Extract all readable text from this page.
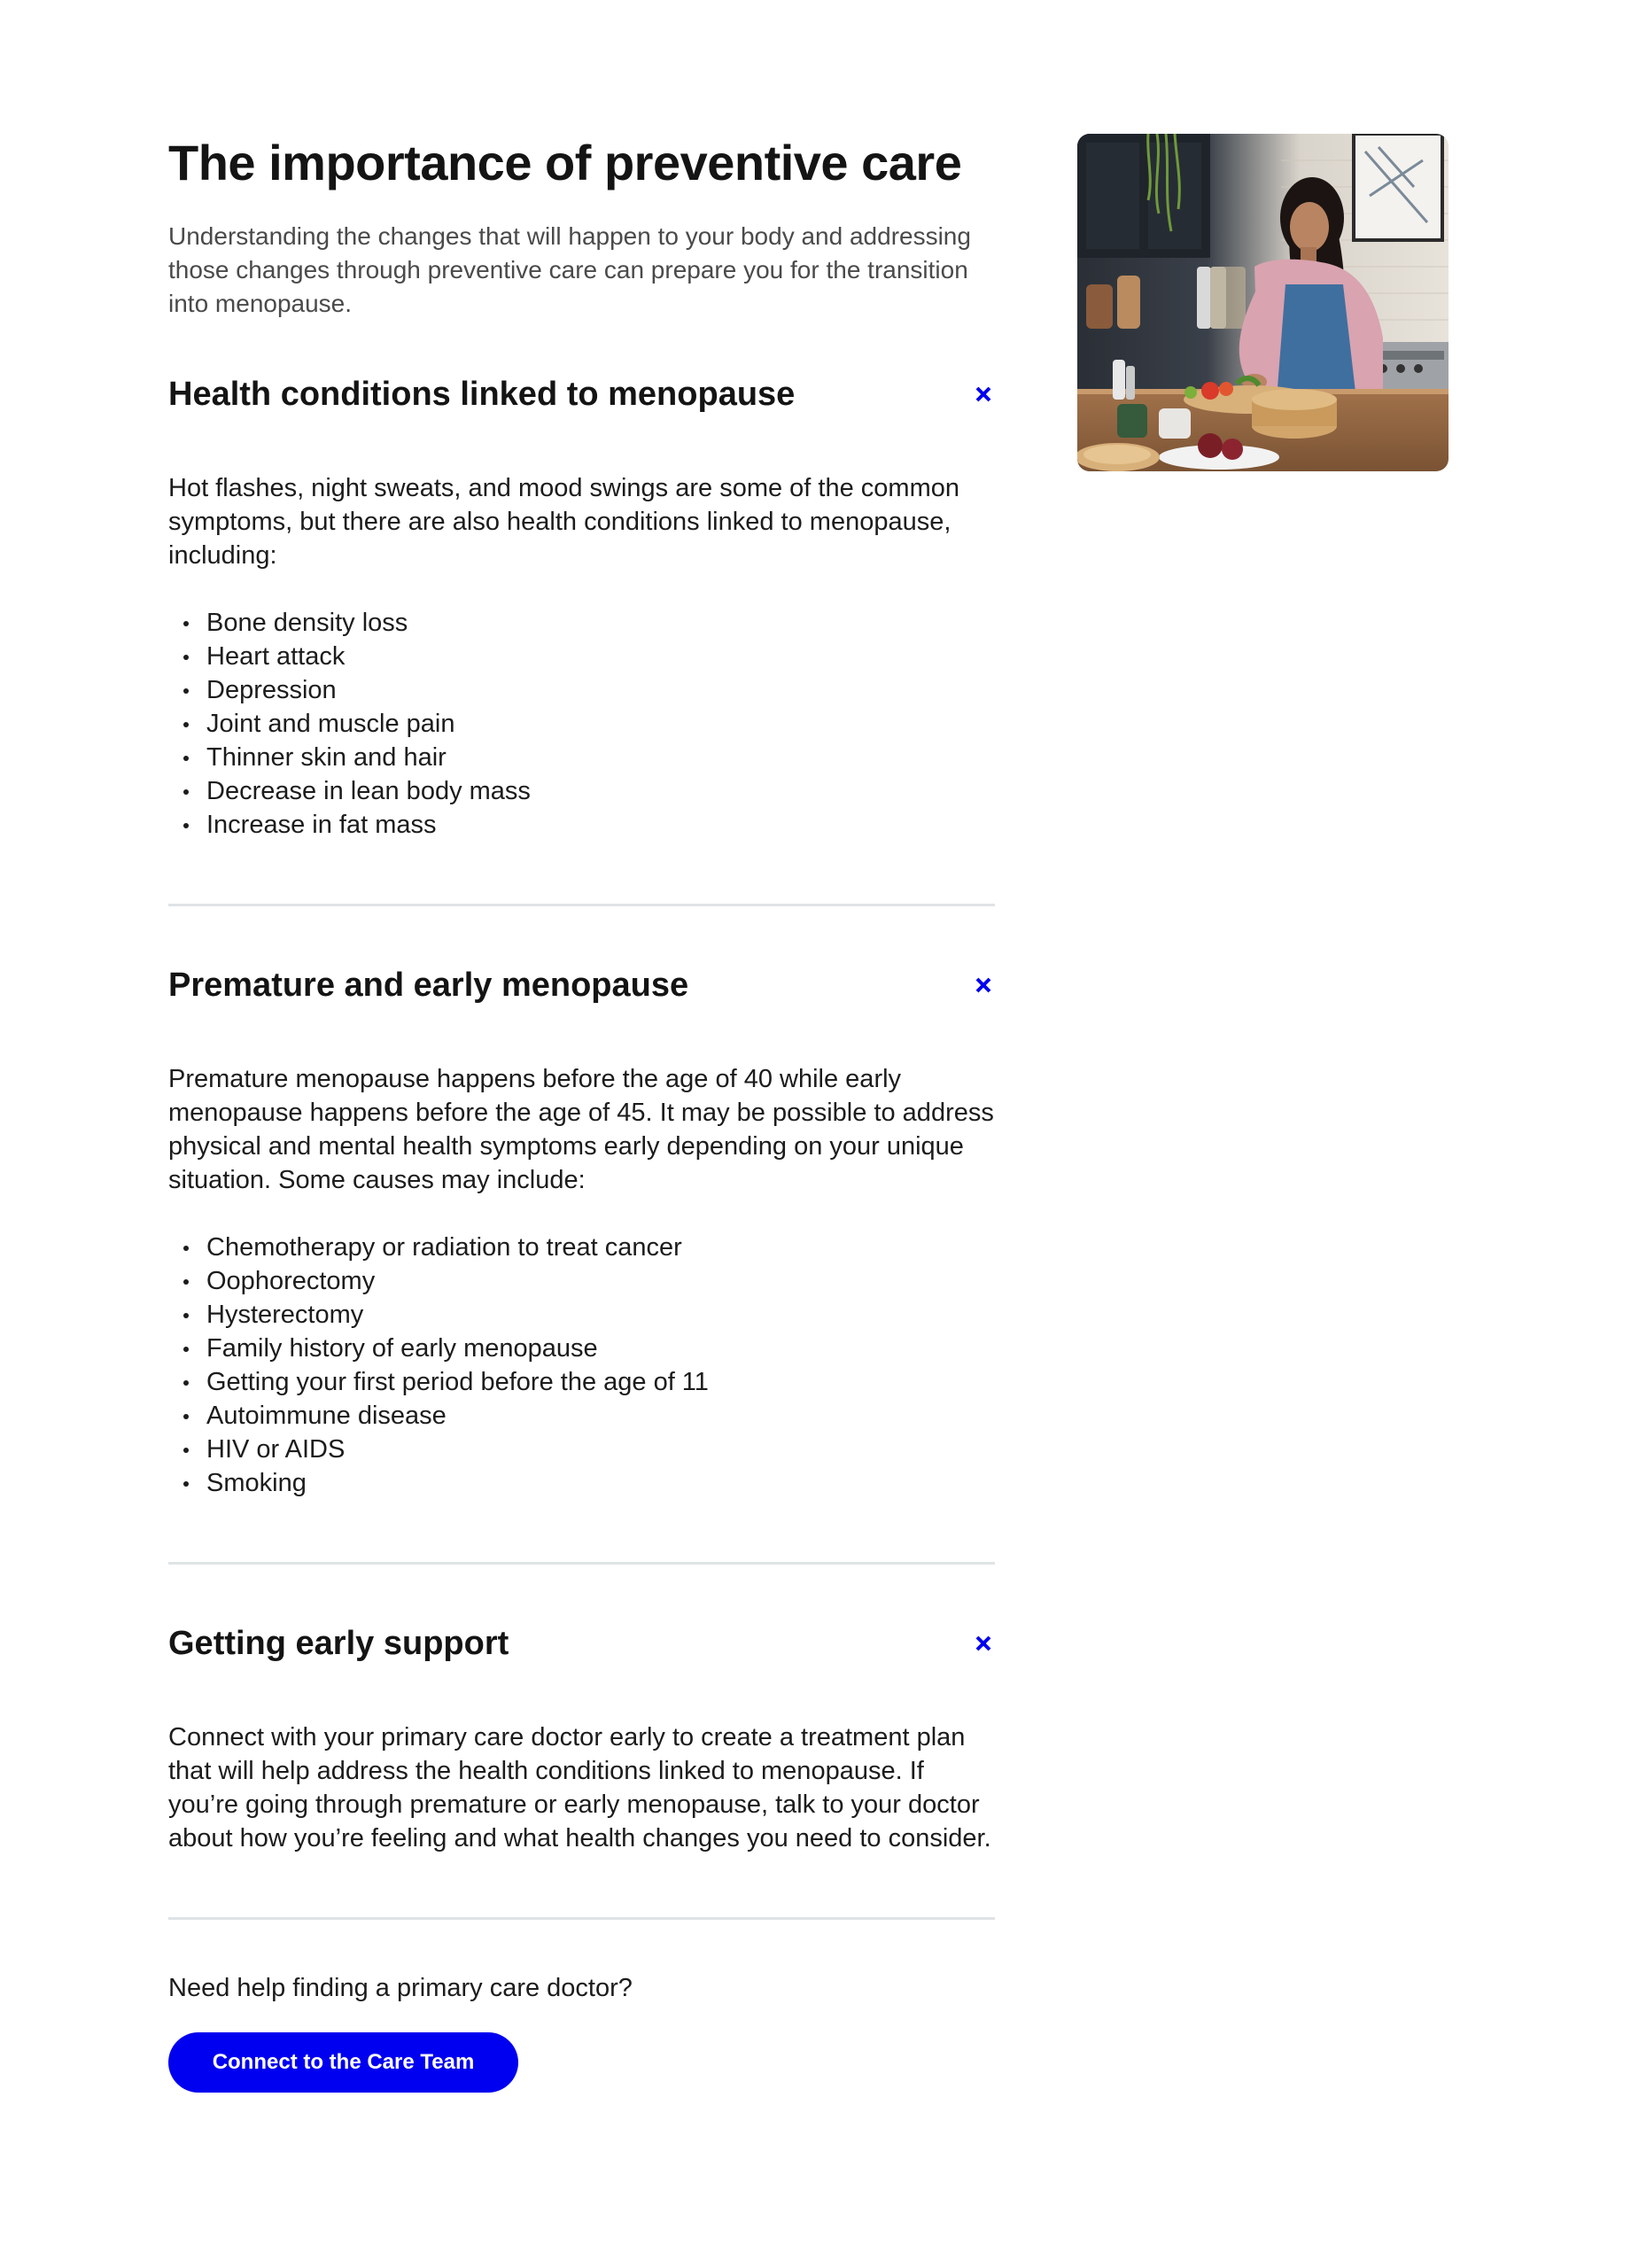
The importance of preventive care
Understanding the changes that will happen to your body and addressing those changes through preventive care can prepare you for the transition into menopause.
Health conditions linked to menopause

Hot flashes, night sweats, and mood swings are some of the common symptoms, but there are also health conditions linked to menopause, including:

Bone density loss
Heart attack
Depression
Joint and muscle pain
Thinner skin and hair
Decrease in lean body mass
Increase in fat mass
Premature and early menopause

Premature menopause happens before the age of 40 while early menopause happens before the age of 45. It may be possible to address physical and mental health symptoms early depending on your unique situation. Some causes may include:

Chemotherapy or radiation to treat cancer
Oophorectomy
Hysterectomy
Family history of early menopause
Getting your first period before the age of 11
Autoimmune disease
HIV or AIDS
Smoking
Getting early support

Connect with your primary care doctor early to create a treatment plan that will help address the health conditions linked to menopause. If you’re going through premature or early menopause, talk to your doctor about how you’re feeling and what health changes you need to consider.

Need help finding a primary care doctor?
Connect to the Care Team
